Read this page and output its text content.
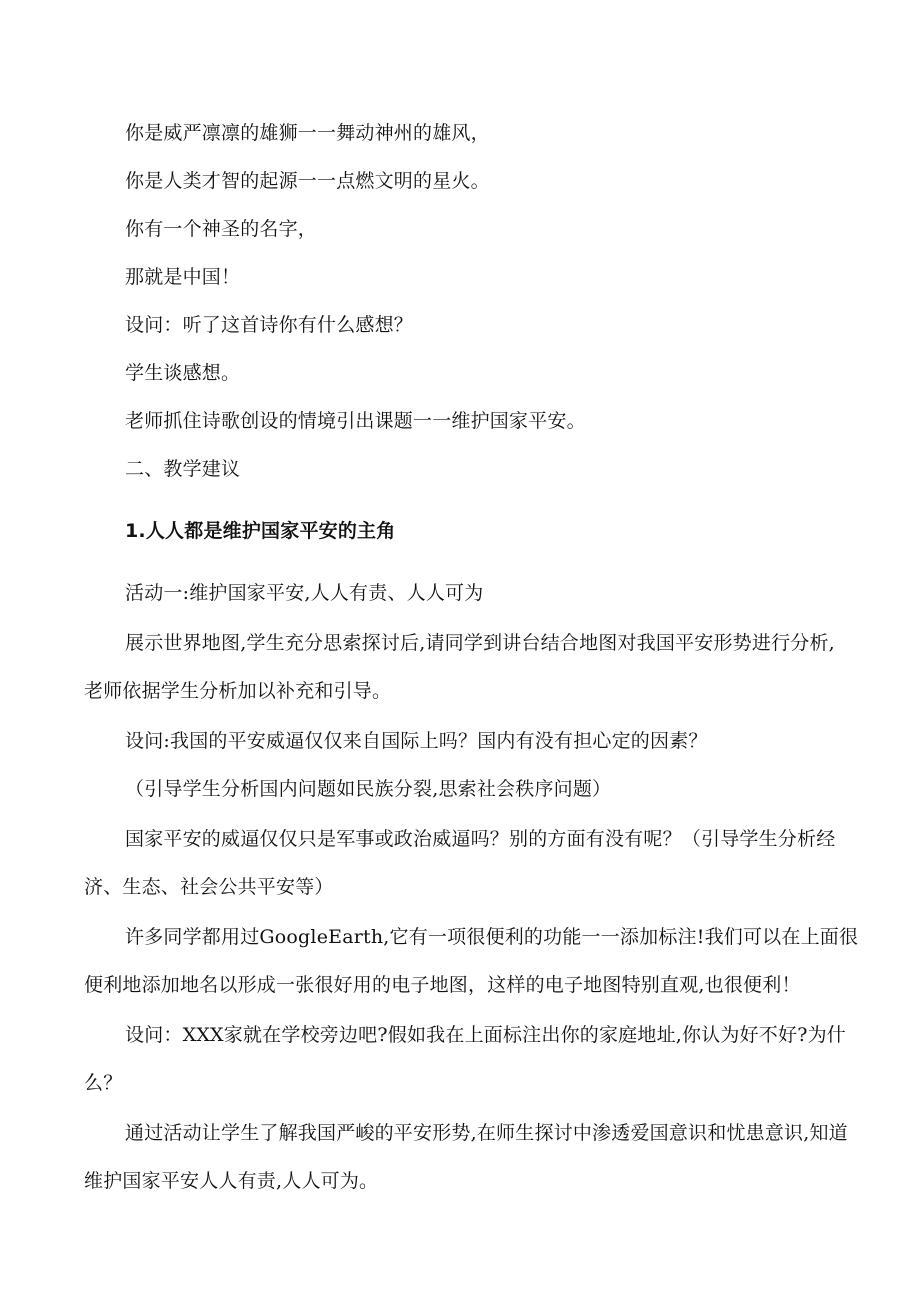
你是威严凛凛的雄狮一一舞动神州的雄风，
你是人类才智的起源一一点燃文明的星火。
你有一个神圣的名字，
那就是中国！
设问：听了这首诗你有什么感想？
学生谈感想。
老师抓住诗歌创设的情境引出课题一一维护国家平安。
二、教学建议
1.人人都是维护国家平安的主角
活动一:维护国家平安,人人有责、人人可为
展示世界地图,学生充分思索探讨后,请同学到讲台结合地图对我国平安形势进行分析,
老师依据学生分析加以补充和引导。
设问:我国的平安威逼仅仅来自国际上吗？国内有没有担心定的因素？
（引导学生分析国内问题如民族分裂,思索社会秩序问题）
国家平安的威逼仅仅只是军事或政治威逼吗？别的方面有没有呢？（引导学生分析经
济、生态、社会公共平安等）
许多同学都用过GoogleEarth,它有一项很便利的功能一一添加标注!我们可以在上面很
便利地添加地名以形成一张很好用的电子地图，这样的电子地图特别直观,也很便利！
设问：XXX家就在学校旁边吧?假如我在上面标注出你的家庭地址,你认为好不好?为什
么？
通过活动让学生了解我国严峻的平安形势,在师生探讨中渗透爱国意识和忧患意识,知道
维护国家平安人人有责,人人可为。
